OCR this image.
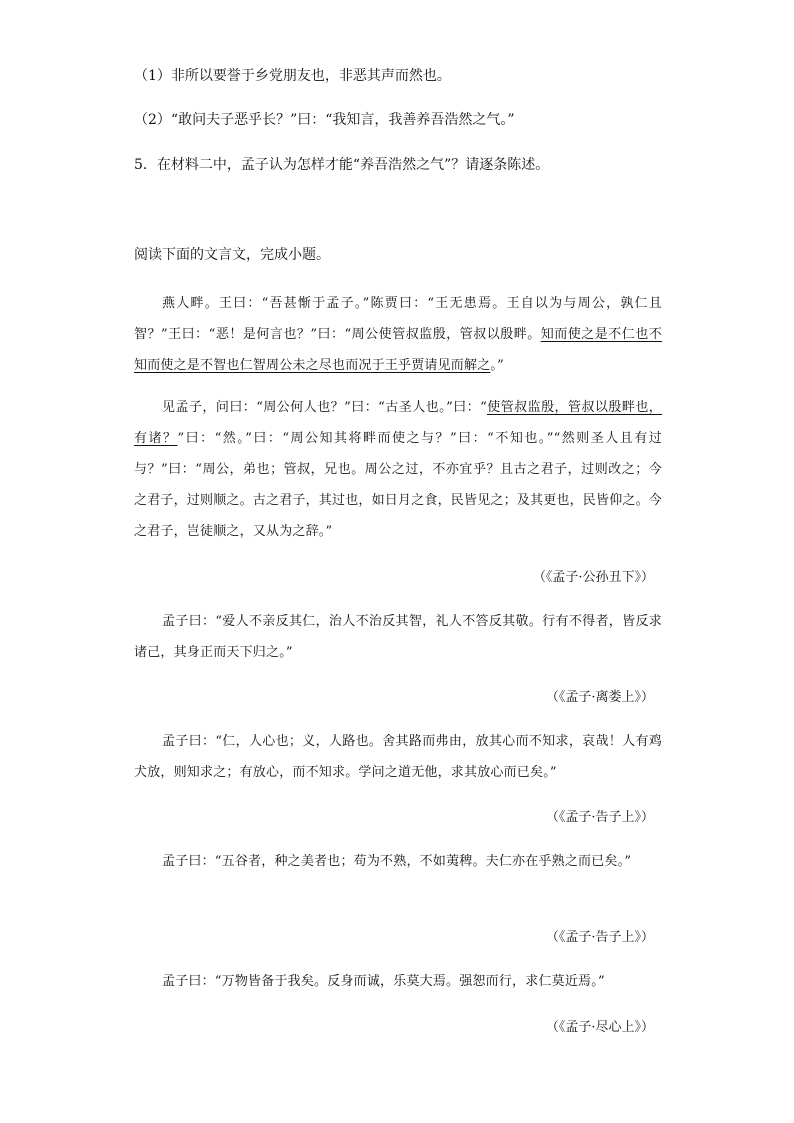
（1）非所以要誉于乡党朋友也，非恶其声而然也。
（2）“敢问夫子恶乎长？”曰：“我知言，我善养吾浩然之气。”
5．在材料二中，孟子认为怎样才能“养吾浩然之气”？请逐条陈述。
阅读下面的文言文，完成小题。

燕人畔。王曰：“吾甚惭于孟子。”陈贾曰：“王无患焉。王自以为与周公，孰仁且智？”王曰：“恶！是何言也？”曰：“周公使管叔监殷，管叔以殷畔。知而使之是不仁也不知而使之是不智也仁智周公未之尽也而况于王乎贾请见而解之。”

见孟子，问曰：“周公何人也？”曰：“古圣人也。”曰：“使管叔监殷，管叔以殷畔也，有诸？”曰：“然。”曰：“周公知其将畔而使之与？”曰：“不知也。”“然则圣人且有过与？”曰：“周公，弟也；管叔，兄也。周公之过，不亦宜乎？且古之君子，过则改之；今之君子，过则顺之。古之君子，其过也，如日月之食，民皆见之；及其更也，民皆仰之。今之君子，岂徒顺之，又从为之辞。”

（《孟子·公孙丑下》）

孟子曰：“爱人不亲反其仁，治人不治反其智，礼人不答反其敬。行有不得者，皆反求诸己，其身正而天下归之。”

（《孟子·离娄上》）

孟子曰：“仁，人心也；义，人路也。舍其路而弗由，放其心而不知求，哀哉！人有鸡犬放，则知求之；有放心，而不知求。学问之道无他，求其放心而已矣。”

（《孟子·告子上》）

孟子曰：“五谷者，种之美者也；苟为不熟，不如荑稗。夫仁亦在乎熟之而已矣。”

（《孟子·告子上》）

孟子曰：“万物皆备于我矣。反身而诚，乐莫大焉。强恕而行，求仁莫近焉。”

（《孟子·尽心上》）
